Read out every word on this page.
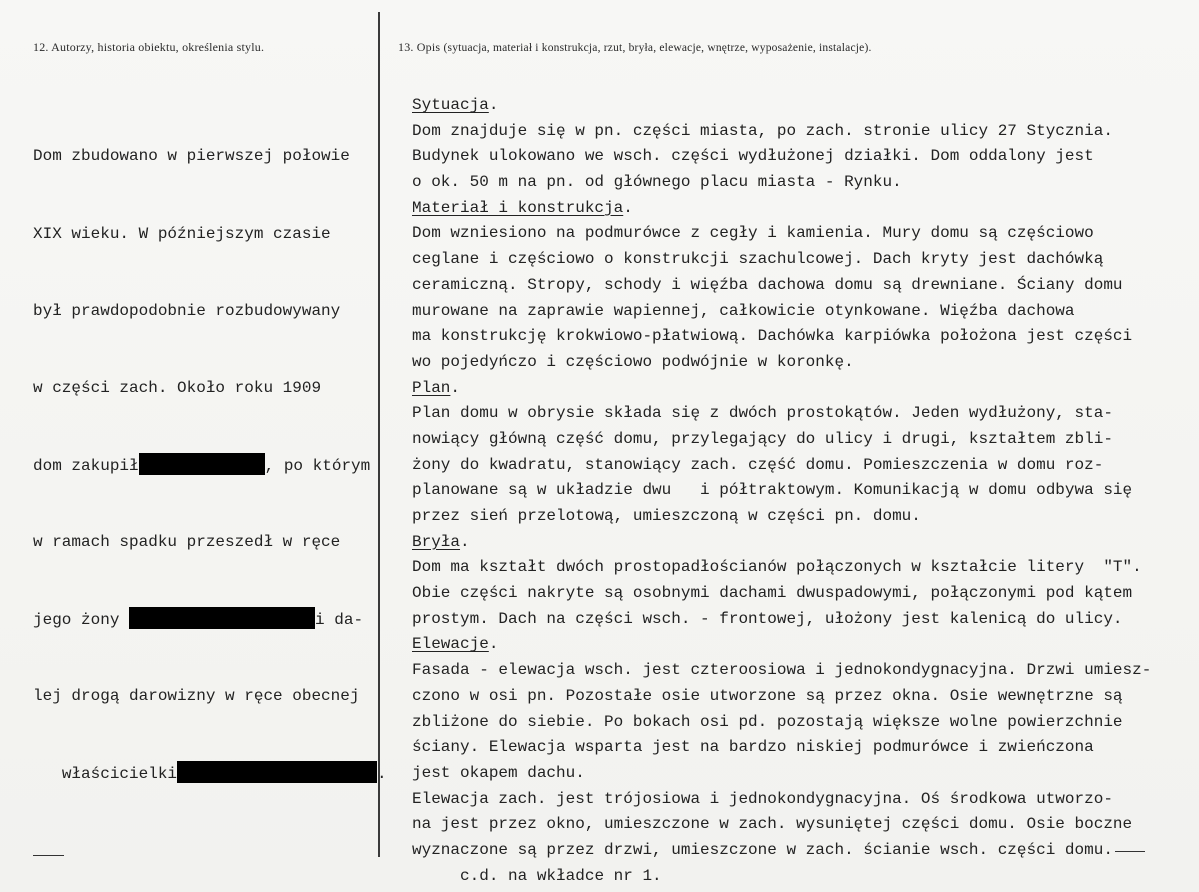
12. Autorzy, historia obiektu, określenia stylu.	13. Opis (sytuacja, materiał i konstrukcja, rzut, bryła, elewacje, wnętrze, wyposażenie, instalacje).

Dom zbudowano w pierwszej połowie

XIX wieku. W późniejszym czasie

był prawdopodobnie rozbudowywany

w części zach. Około roku 1909

dom zakupił	, po którym

w ramach spadku przeszedł w ręce

jego żony	i da-

lej drogą darowizny w ręce obecnej

właścicielki	.

Sytuacja.
Dom znajduje się w pn. części miasta, po zach. stronie ulicy 27 Stycznia.
Budynek ulokowano we wsch. części wydłużonej działki. Dom oddalony jest
o ok. 50 m na pn. od głównego placu miasta - Rynku.
Materiał i konstrukcja.
Dom wzniesiono na podmurówce z cegły i kamienia. Mury domu są częściowo
ceglane i częściowo o konstrukcji szachulcowej. Dach kryty jest dachówką
ceramiczną. Stropy, schody i więźba dachowa domu są drewniane. Ściany domu
murowane na zaprawie wapiennej, całkowicie otynkowane. Więźba dachowa
ma konstrukcję krokwiowo-płatwiową. Dachówka karpiówka położona jest części
wo pojedyńczo i częściowo podwójnie w koronkę.
Plan.
Plan domu w obrysie składa się z dwóch prostokątów. Jeden wydłużony, sta-
nowiący główną część domu, przylegający do ulicy i drugi, kształtem zbli-
żony do kwadratu, stanowiący zach. część domu. Pomieszczenia w domu roz-
planowane są w układzie dwu   i półtraktowym. Komunikacją w domu odbywa się
przez sień przelotową, umieszczoną w części pn. domu.
Bryła.
Dom ma kształt dwóch prostopadłościanów połączonych w kształcie litery  "T".
Obie części nakryte są osobnymi dachami dwuspadowymi, połączonymi pod kątem
prostym. Dach na części wsch. - frontowej, ułożony jest kalenicą do ulicy.
Elewacje.
Fasada - elewacja wsch. jest czteroosiowa i jednokondygnacyjna. Drzwi umiesz-
czono w osi pn. Pozostałe osie utworzone są przez okna. Osie wewnętrzne są
zbliżone do siebie. Po bokach osi pd. pozostają większe wolne powierzchnie
ściany. Elewacja wsparta jest na bardzo niskiej podmurówce i zwieńczona
jest okapem dachu.
Elewacja zach. jest trójosiowa i jednokondygnacyjna. Oś środkowa utworzo-
na jest przez okno, umieszczone w zach. wysuniętej części domu. Osie boczne
wyznaczone są przez drzwi, umieszczone w zach. ścianie wsch. części domu.
c.d. na wkładce nr 1.
